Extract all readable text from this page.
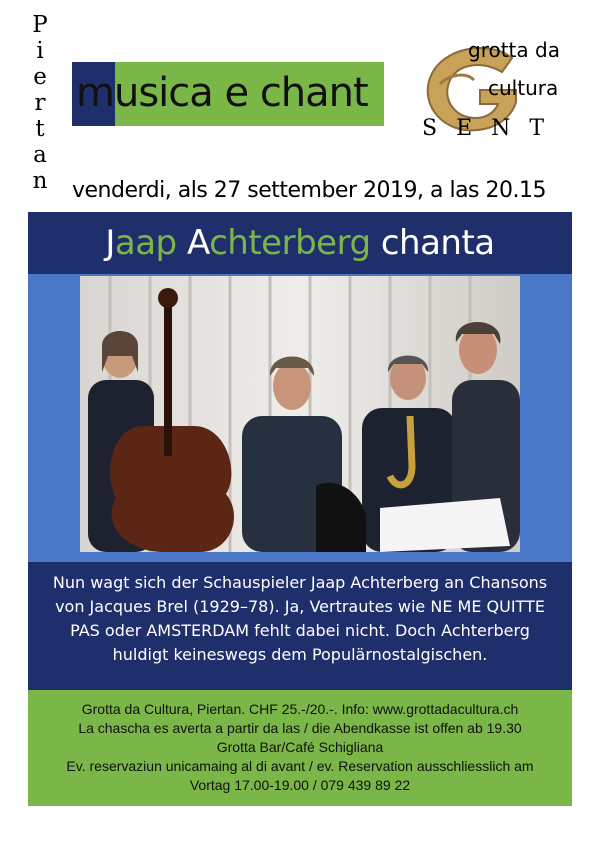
P
i
e
r
t
a
n
musica e chant
grotta da
cultura
SENT
venderdi, als 27 settember 2019, a las 20.15
Jaap Achterberg chanta
Nun wagt sich der Schauspieler Jaap Achterberg an Chansons
von Jacques Brel (1929–78). Ja, Vertrautes wie NE ME QUITTE
PAS oder AMSTERDAM fehlt dabei nicht. Doch Achterberg
huldigt keineswegs dem Populärnostalgischen.
Grotta da Cultura, Piertan. CHF 25.-/20.-. Info: www.grottadacultura.ch
La chascha es averta a partir da las / die Abendkasse ist offen ab 19.30
Grotta Bar/Café Schigliana
Ev. reservaziun unicamaing al di avant / ev. Reservation ausschliesslich am
Vortag 17.00-19.00 / 079 439 89 22
